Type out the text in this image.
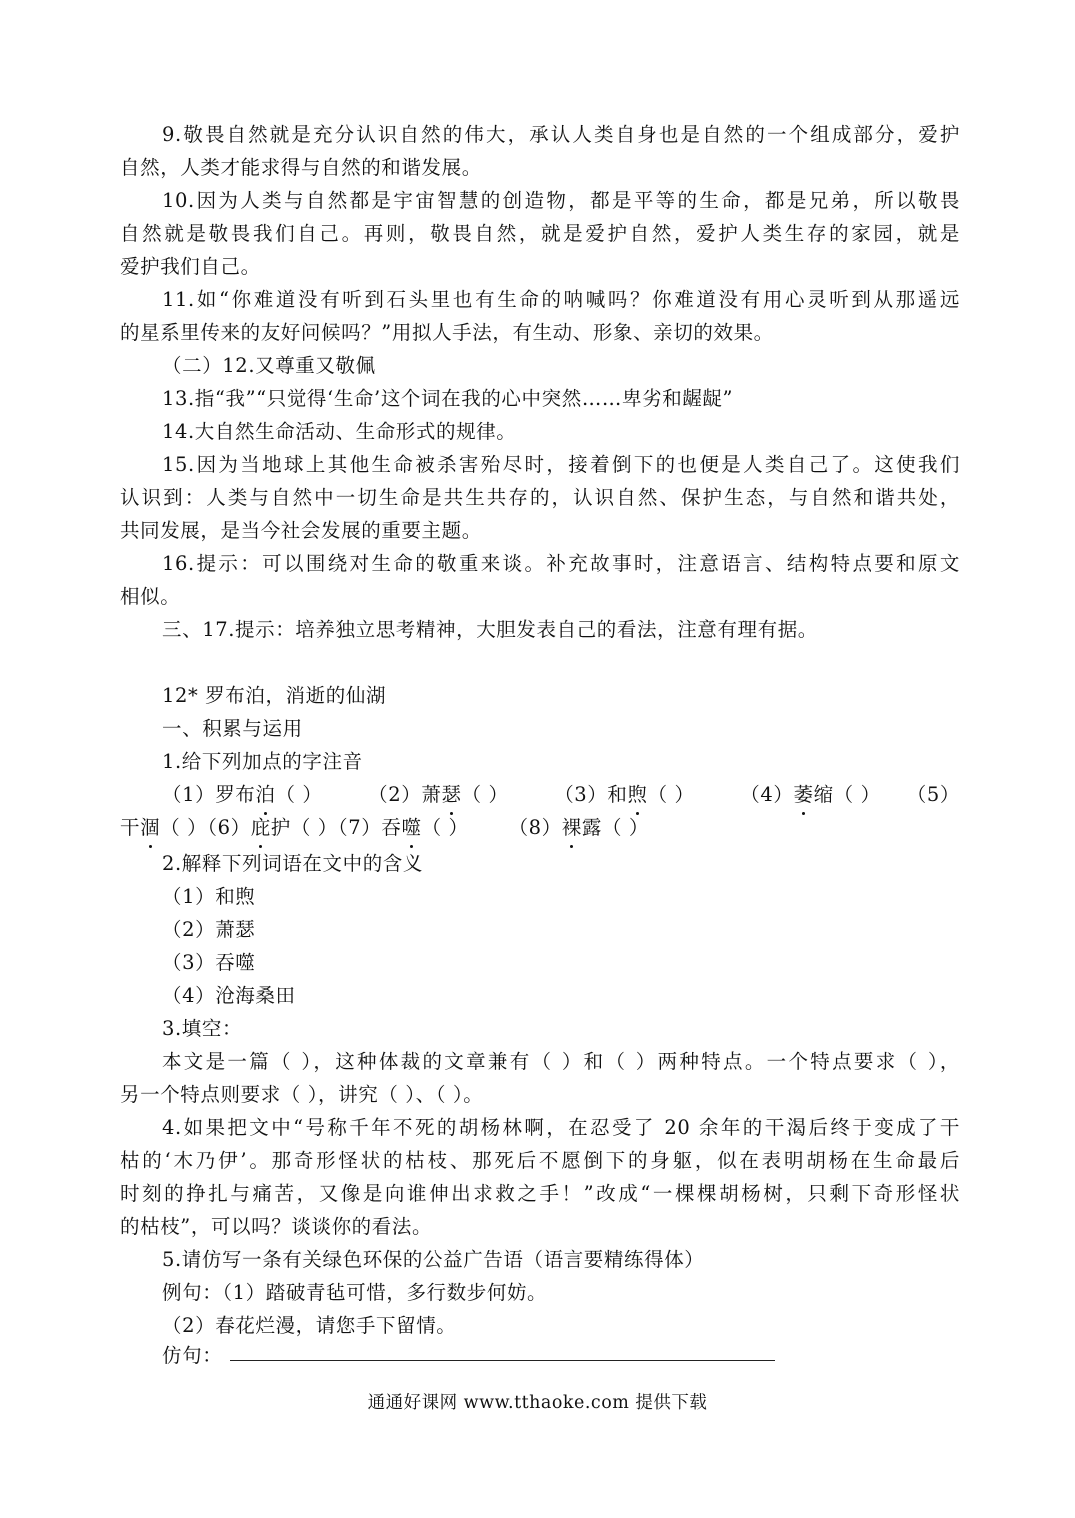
9.敬畏自然就是充分认识自然的伟大，承认人类自身也是自然的一个组成部分，爱护
自然，人类才能求得与自然的和谐发展。
10.因为人类与自然都是宇宙智慧的创造物，都是平等的生命，都是兄弟，所以敬畏
自然就是敬畏我们自己。再则，敬畏自然，就是爱护自然，爱护人类生存的家园，就是
爱护我们自己。
11.如“你难道没有听到石头里也有生命的呐喊吗？你难道没有用心灵听到从那遥远
的星系里传来的友好问候吗？”用拟人手法，有生动、形象、亲切的效果。
（二）12.又尊重又敬佩
13.指“我”“只觉得‘生命’这个词在我的心中突然……卑劣和龌龊”
14.大自然生命活动、生命形式的规律。
15.因为当地球上其他生命被杀害殆尽时，接着倒下的也便是人类自己了。这使我们
认识到：人类与自然中一切生命是共生共存的，认识自然、保护生态，与自然和谐共处，
共同发展，是当今社会发展的重要主题。
16.提示：可以围绕对生命的敬重来谈。补充故事时，注意语言、结构特点要和原文
相似。
三、17.提示：培养独立思考精神，大胆发表自己的看法，注意有理有据。
12* 罗布泊，消逝的仙湖
一、积累与运用
1.给下列加点的字注音
（1）罗布泊（ ） （2）萧瑟（ ） （3）和煦（ ） （4）萎缩（ ） （5）
干涸（ ）（6）庇护（ ）（7）吞噬（ ） （8）裸露（ ）
2.解释下列词语在文中的含义
（1）和煦
（2）萧瑟
（3）吞噬
（4）沧海桑田
3.填空：
本文是一篇（ ），这种体裁的文章兼有（ ）和（ ）两种特点。一个特点要求（ ），
另一个特点则要求（ ），讲究（ ）、（ ）。
4.如果把文中“号称千年不死的胡杨林啊，在忍受了 20 余年的干渴后终于变成了干
枯的‘木乃伊’。那奇形怪状的枯枝、那死后不愿倒下的身躯，似在表明胡杨在生命最后
时刻的挣扎与痛苦，又像是向谁伸出求救之手！”改成“一棵棵胡杨树，只剩下奇形怪状
的枯枝”，可以吗？谈谈你的看法。
5.请仿写一条有关绿色环保的公益广告语（语言要精练得体）
例句：（1）踏破青毡可惜，多行数步何妨。
（2）春花烂漫，请您手下留情。
仿句：
通通好课网 www.tthaoke.com 提供下载
